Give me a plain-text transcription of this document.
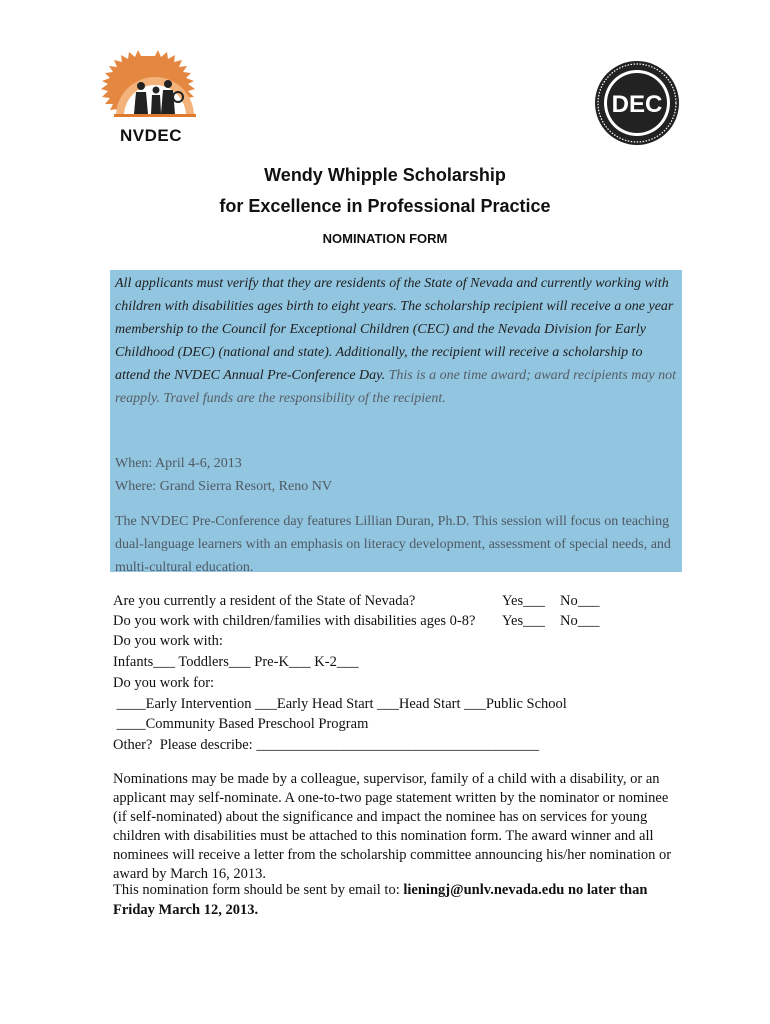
NVDEC
DEC
Wendy Whipple Scholarship
for Excellence in Professional Practice
NOMINATION FORM
All applicants must verify that they are residents of the State of Nevada and currently working with children with disabilities ages birth to eight years. The scholarship recipient will receive a one year membership to the Council for Exceptional Children (CEC) and the Nevada Division for Early Childhood (DEC) (national and state). Additionally, the recipient will receive a scholarship to attend the NVDEC Annual Pre-Conference Day. This is a one time award; award recipients may not reapply. Travel funds are the responsibility of the recipient.
When: April 4-6, 2013
Where: Grand Sierra Resort, Reno NV
The NVDEC Pre-Conference day features Lillian Duran, Ph.D. This session will focus on teaching dual-language learners with an emphasis on literacy development, assessment of special needs, and multi-cultural education.
Are you currently a resident of the State of Nevada?	Yes___ No___
Do you work with children/families with disabilities ages 0-8? Yes___ No___
Do you work with:
Infants___ Toddlers___ Pre-K___ K-2___
Do you work for:
____Early Intervention ___Early Head Start ___Head Start ___Public School
____Community Based Preschool Program
Other?  Please describe: _______________________________________
Nominations may be made by a colleague, supervisor, family of a child with a disability, or an applicant may self-nominate. A one-to-two page statement written by the nominator or nominee (if self-nominated) about the significance and impact the nominee has on services for young children with disabilities must be attached to this nomination form. The award winner and all nominees will receive a letter from the scholarship committee announcing his/her nomination or award by March 16, 2013.
This nomination form should be sent by email to: lieningj@unlv.nevada.edu no later than Friday March 12, 2013.
